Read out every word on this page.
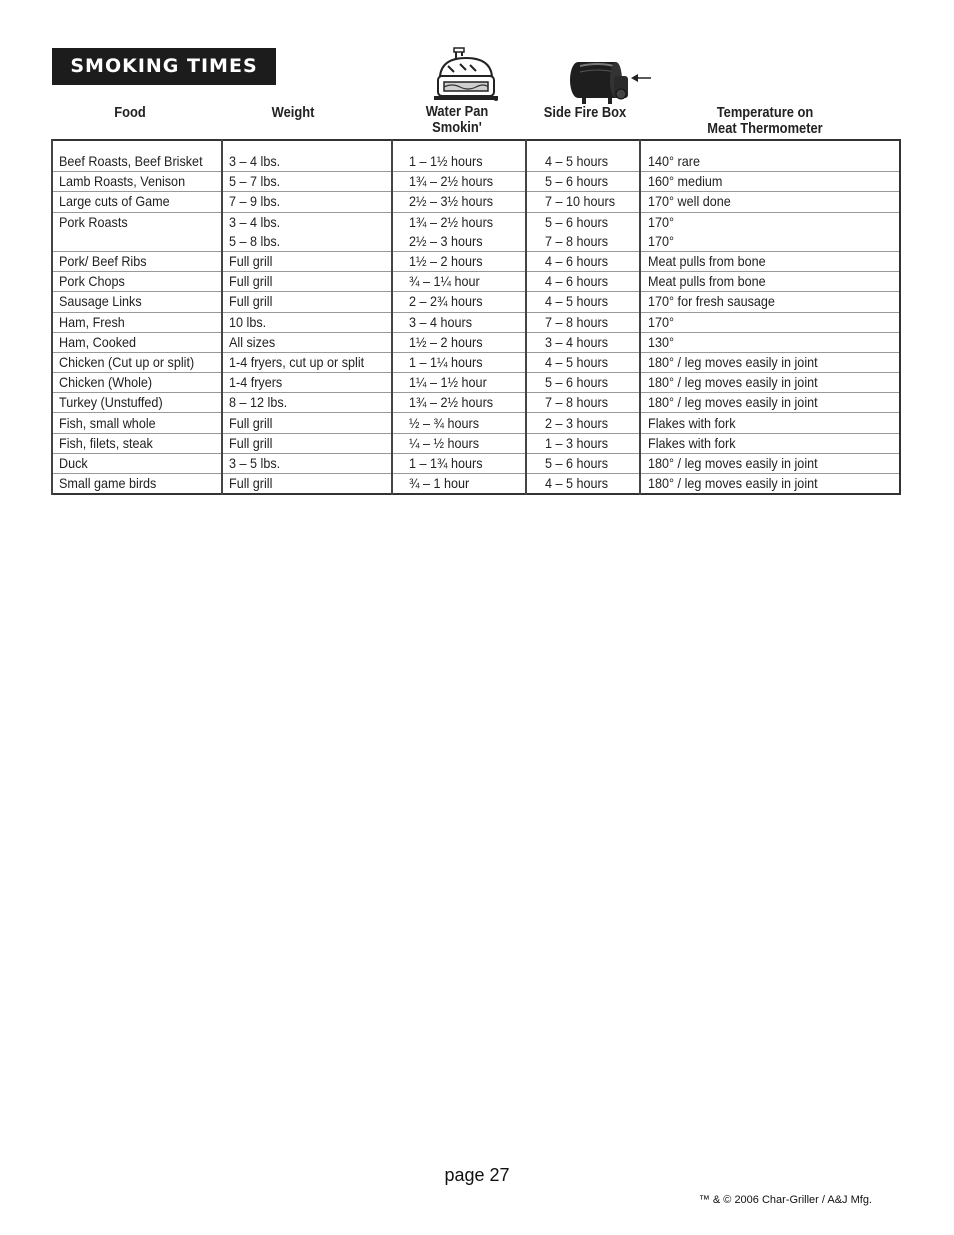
SMOKING TIMES
Food	Weight	Water Pan
Smokin'
Side Fire Box	Temperature on
Meat Thermometer
Beef Roasts, Beef Brisket	3 – 4 lbs.	1 – 1½ hours	4 – 5 hours	140° rare
Lamb Roasts, Venison	5 – 7 lbs.	1¾ – 2½ hours	5 – 6 hours	160° medium
Large cuts of Game	7 – 9 lbs.	2½ – 3½ hours	7 – 10 hours	170° well done
Pork Roasts	3 – 4 lbs.	1¾ – 2½ hours	5 – 6 hours	170°
	5 – 8 lbs.	2½ – 3 hours	7 – 8 hours	170°
Pork/ Beef Ribs	Full grill	1½ – 2 hours	4 – 6 hours	Meat pulls from bone
Pork Chops	Full grill	¾ – 1¼ hour	4 – 6 hours	Meat pulls from bone
Sausage Links	Full grill	2 – 2¾ hours	4 – 5 hours	170° for fresh sausage
Ham, Fresh	10 lbs.	3 – 4 hours	7 – 8 hours	170°
Ham, Cooked	All sizes	1½ – 2 hours	3 – 4 hours	130°
Chicken (Cut up or split)	1-4 fryers, cut up or split	1 – 1¼ hours	4 – 5 hours	180° / leg moves easily in joint
Chicken (Whole)	1-4 fryers	1¼ – 1½ hour	5 – 6 hours	180° / leg moves easily in joint
Turkey (Unstuffed)	8 – 12 lbs.	1¾ – 2½ hours	7 – 8 hours	180° / leg moves easily in joint
Fish, small whole	Full grill	½ – ¾ hours	2 – 3 hours	Flakes with fork
Fish, filets, steak	Full grill	¼ – ½ hours	1 – 3 hours	Flakes with fork
Duck	3 – 5 lbs.	1 – 1¾ hours	5 – 6 hours	180° / leg moves easily in joint
Small game birds	Full grill	¾ – 1 hour	4 – 5 hours	180° / leg moves easily in joint
page 27
™ & © 2006 Char-Griller / A&J Mfg.
